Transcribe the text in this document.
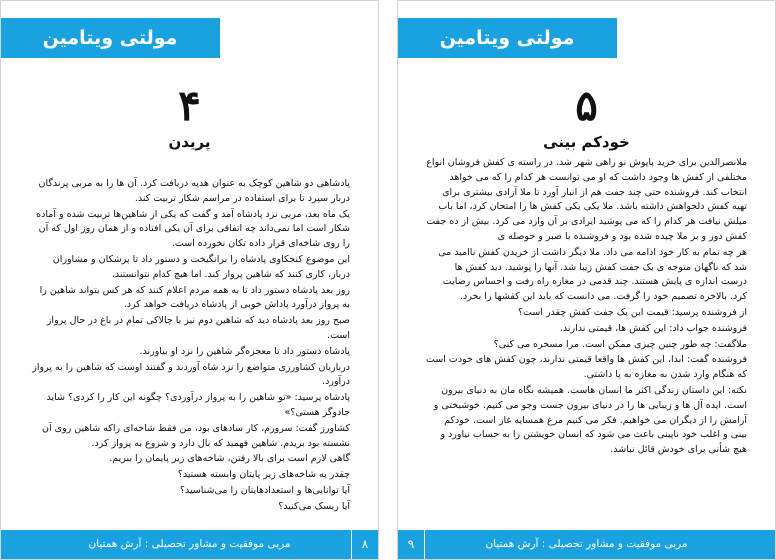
مولتی ویتامین
۴
پریدن

پادشاهی دو شاهین کوچک به عنوان هدیه دریافت کرد. آن ها را به مربی پرندگان دربار سپرد تا برای استفاده در مراسم شکار تربیت کند.

یک ماه بعد، مربی نزد پادشاه آمد و گفت که یکی از شاهین‌ها تربیت شده و آماده شکار است اما نمی‌داند چه اتفاقی برای آن یکی افتاده و از همان روز اول که آن را روی شاخه‌ای قرار داده تکان نخورده است.

این موضوع کنجکاوی پادشاه را برانگیخت و دستور داد تا پزشکان و مشاوران دربار، کاری کنند که شاهین پرواز کند. اما هیچ کدام نتوانستند.

روز بعد پادشاه دستور داد تا به همه مردم اعلام کنند که هر کس بتواند شاهین را به پرواز درآورد پاداش خوبی از پادشاه دریافت خواهد کرد.

صبح روز بعد پادشاه دید که شاهین دوم نیز با چالاکی تمام در باغ در حال پرواز است.

پادشاه دستور داد تا معجزه‌گر شاهین را نزد او بیاورند.

درباریان کشاورزی متواضع را نزد شاه آوردند و گفتند اوست که شاهین را به پرواز درآورد.

پادشاه پرسید: «تو شاهین را به پرواز درآوردی؟ چگونه این کار را کردی؟ شاید جادوگر هستی؟»

کشاورز گفت: سرورم، کار سادهای بود، من فقط شاخه‌ای راکه شاهین روی آن نشسته بود بریدم. شاهین فهمید که بال دارد و شروع به پرواز کرد.

گاهی لازم است برای بالا رفتن، شاخه‌های زیر پایمان را ببریم.

چقدر به شاخه‌های زیر پایتان وابسته هستید؟

آیا توانایی‌ها و استعدادهایتان را می‌شناسید؟

آیا ریسک می‌کنید؟

مربی موفقیت و مشاور تحصیلی : آرش همتیان	۸
مولتی ویتامین
۵
خودکم بینی

ملانصرالدین برای خرید پاپوش نو راهی شهر شد. در راسته ی کفش فروشان انواع مختلفی از کفش ها وجود داشت که او می توانست هر کدام را که می خواهد انتخاب کند. فروشنده حتی چند جفت هم از انبار آورد تا ملا آزادی بیشتری برای تهیه کفش دلخواهش داشته باشد. ملا یکی یکی کفش ها را امتحان کرد، اما باب میلش نیافت هر کدام را که می پوشید ایرادی بر آن وارد می کرد. بیش از ده جفت کفش دور و بر ملا چیده شده بود و فروشنده با صبر و حوصله ی

هر چه تمام به کار خود ادامه می داد. ملا دیگر داشت از خریدن کفش ناامید می شد که ناگهان متوجه ی یک جفت کفش زیبا شد. آنها را پوشید. دید کفش ها درست اندازه ی پایش هستند. چند قدمی در مغازه راه رفت و احساس رضایت کرد. بالاخره تصمیم خود را گرفت. می دانست که باید این کفشها را بخرد.

از فروشنده پرسید: قیمت این یک جفت کفش چقدر است؟

فروشنده جواب داد: این کفش ها، قیمتی ندارند.

ملاگفت: چه طور چنین چیزی ممکن است. مرا مسخره می کنی؟

فروشنده گفت: ابدا، این کفش ها واقعا قیمتی ندارند، چون کفش های خودت است که هنگام وارد شدن به مغازه به پا داشتی.

نکته: این داستان زندگی اکثر ما انسان هاست. همیشه نگاه مان به دنیای بیرون است. ایده آل ها و زیبایی ها را در دنیای بیرون جست وجو می کنیم. خوشبختی و آرامش را از دیگران می خواهیم. فکر می کنیم مرغ همسایه غاز است. خودکم بینی و اغلب خود ناپینی باعث می شود که انسان خویشتن را به حساب نیاورد و هیچ شأنی برای خودش قائل نباشد.

مربی موفقیت و مشاور تحصیلی : آرش همتیان
۹
